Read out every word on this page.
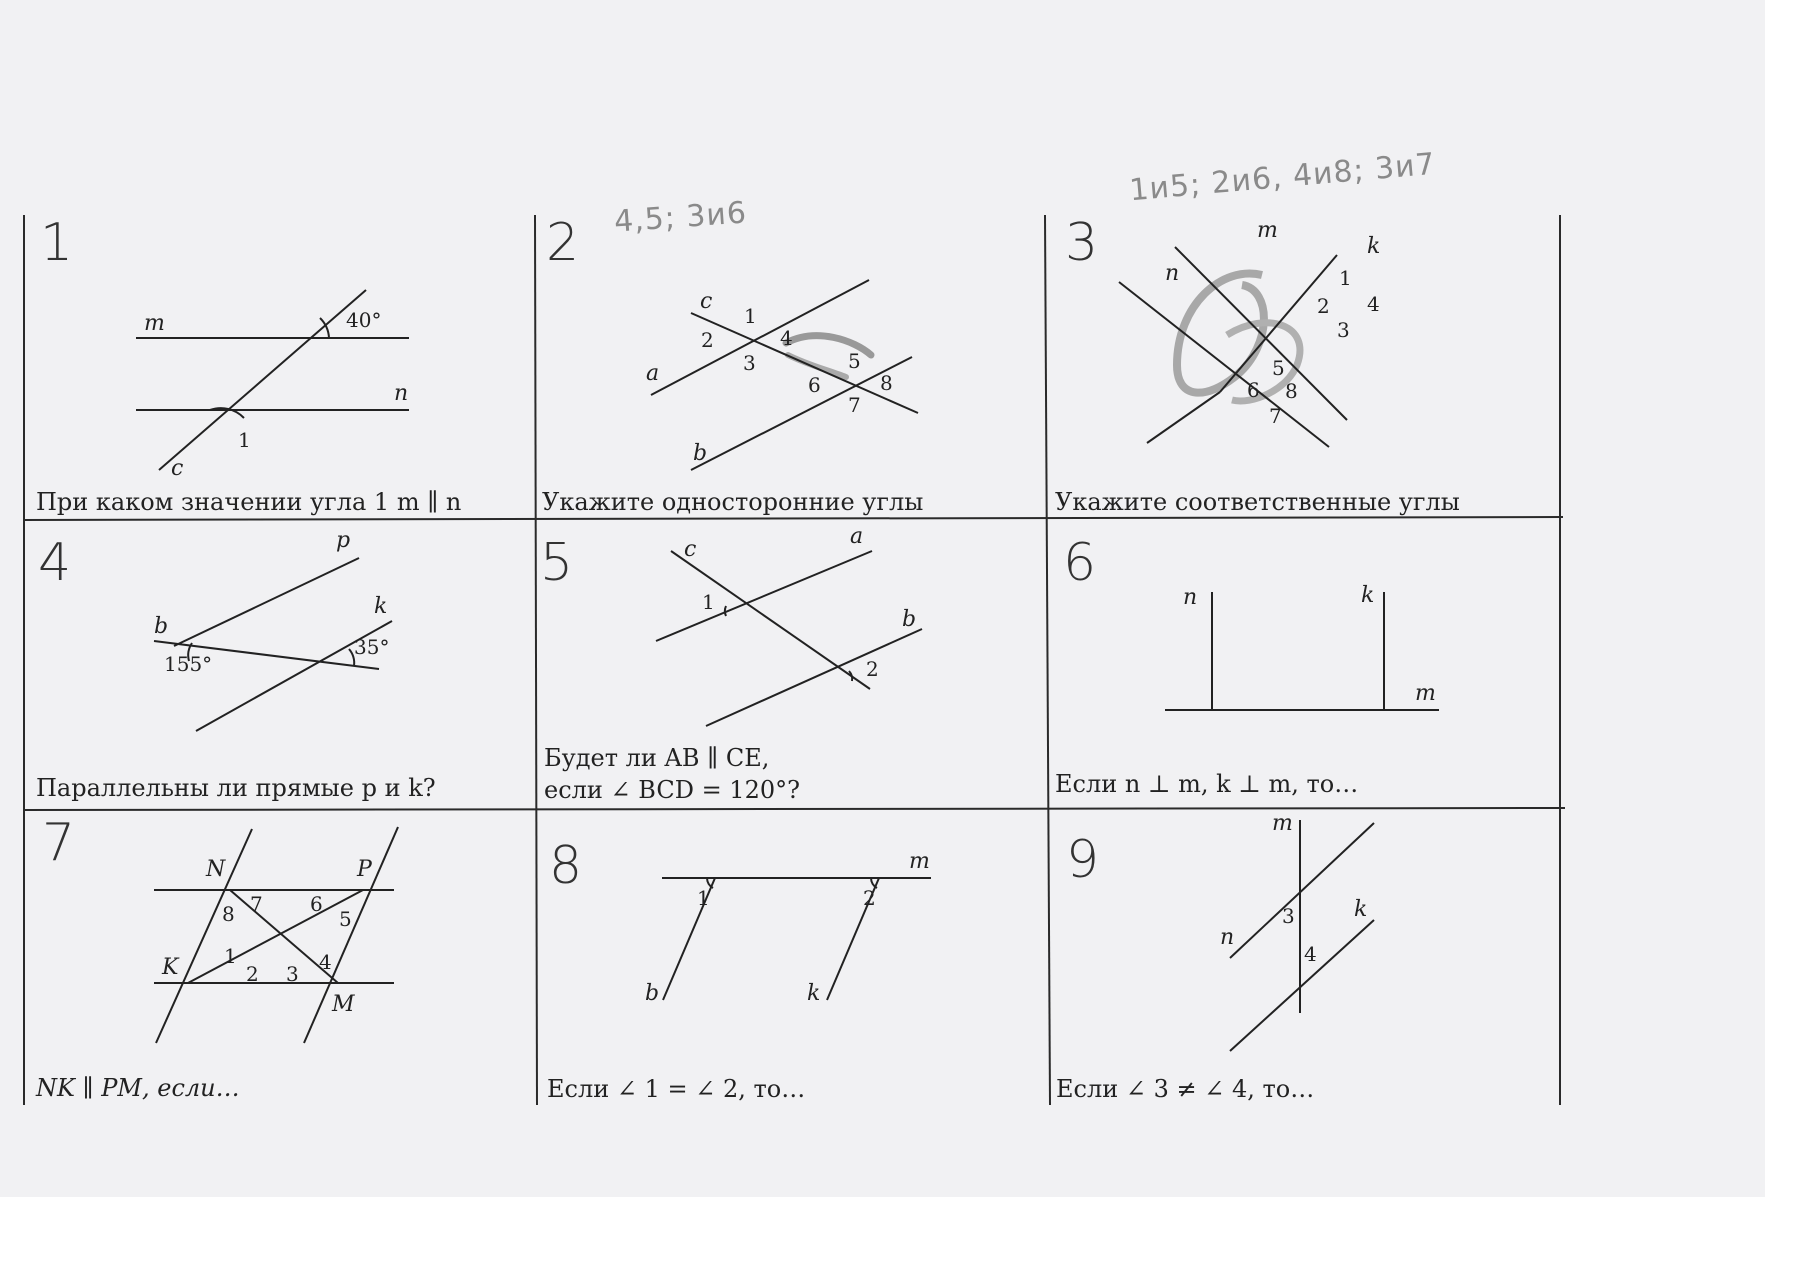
1
m
n
c
40°
1
При каком значении угла 1 m ∥ n
2 4,5; 3и6
c
a
b
1
2
3
4
5
6
7
8
Укажите односторонние углы
3
1и5; 2и6, 4и8; 3и7
m
k
n	1
2
3
4
5
6
7
8
Укажите соответственные углы
4	p
k
b
155°
35°
Параллельны ли прямые p и k?
5	c
a
b
1
2
Будет ли AB ∥ CE,
если ∠ BCD = 120°?
6
n	k
m
Если n ⊥ m, k ⊥ m, то…
7	N	P
K
M
1
2 3 4
5
6
7
8
NK ∥ PM, если…
8	m
b	k
1	2
Если ∠ 1 = ∠ 2, то…
9
m
n
k
3
4
Если ∠ 3 ≠ ∠ 4, то…
